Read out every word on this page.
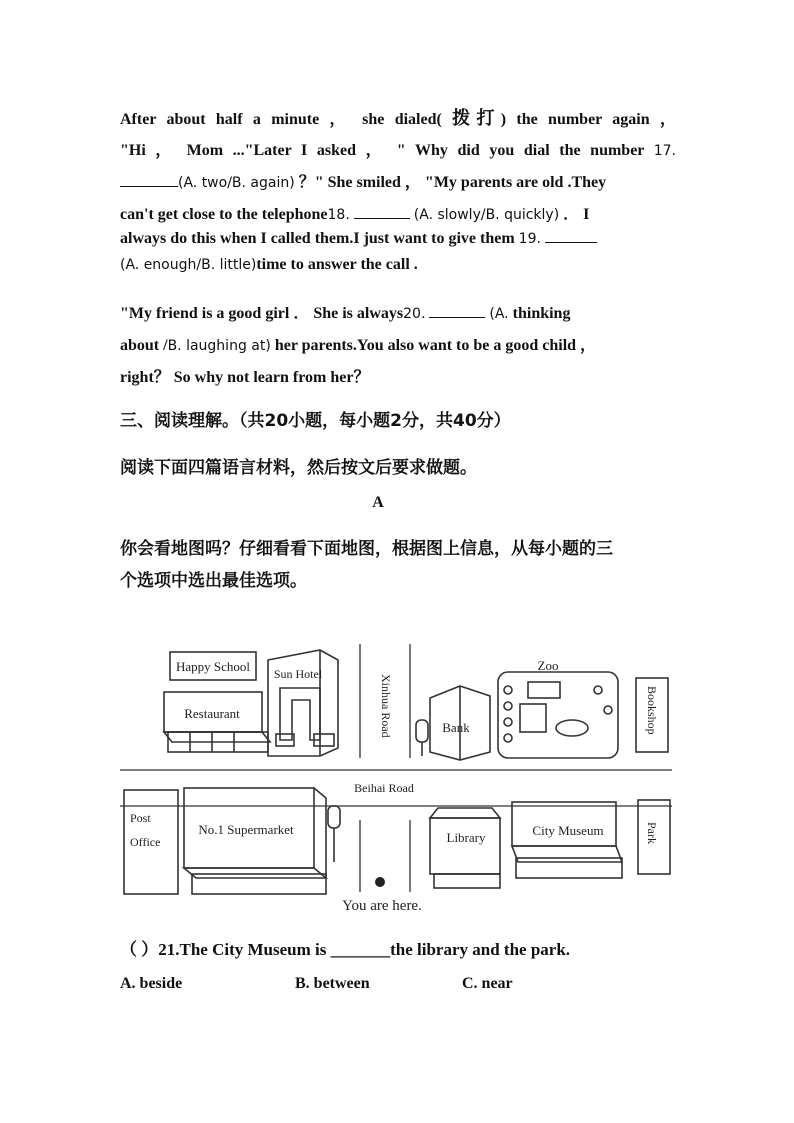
After about half a minute ， she dialed( 拨打) the number again ，
"Hi ， Mom ..."Later I asked ， " Why did you dial the number 17.
(A. two/B. again) ？" She smiled ， "My parents are old .They
can't get close to the telephone18.	(A. slowly/B. quickly) ． I
always do this when I called them.I just want to give them 19.
(A. enough/B. little)time to answer the call .
"My friend is a good girl ． She is always20.	(A. thinking
about /B. laughing at) her parents.You also want to be a good child ，
right？ So why not learn from her？
三、阅读理解。（共20小题，每小题2分，共40分）
阅读下面四篇语言材料，然后按文后要求做题。
A
你会看地图吗？仔细看看下面地图，根据图上信息，从每小题的三
个选项中选出最佳选项。
Happy School
Restaurant
Sun Hotel	Xinhua Road	Bank
Zoo
Bookshop
Beihai Road
Post
Office
No.1 Supermarket
Library	City Museum	Park
You are here.
（ ）21.The City Museum is _______the library and the park.
A. beside	B. between	C. near
